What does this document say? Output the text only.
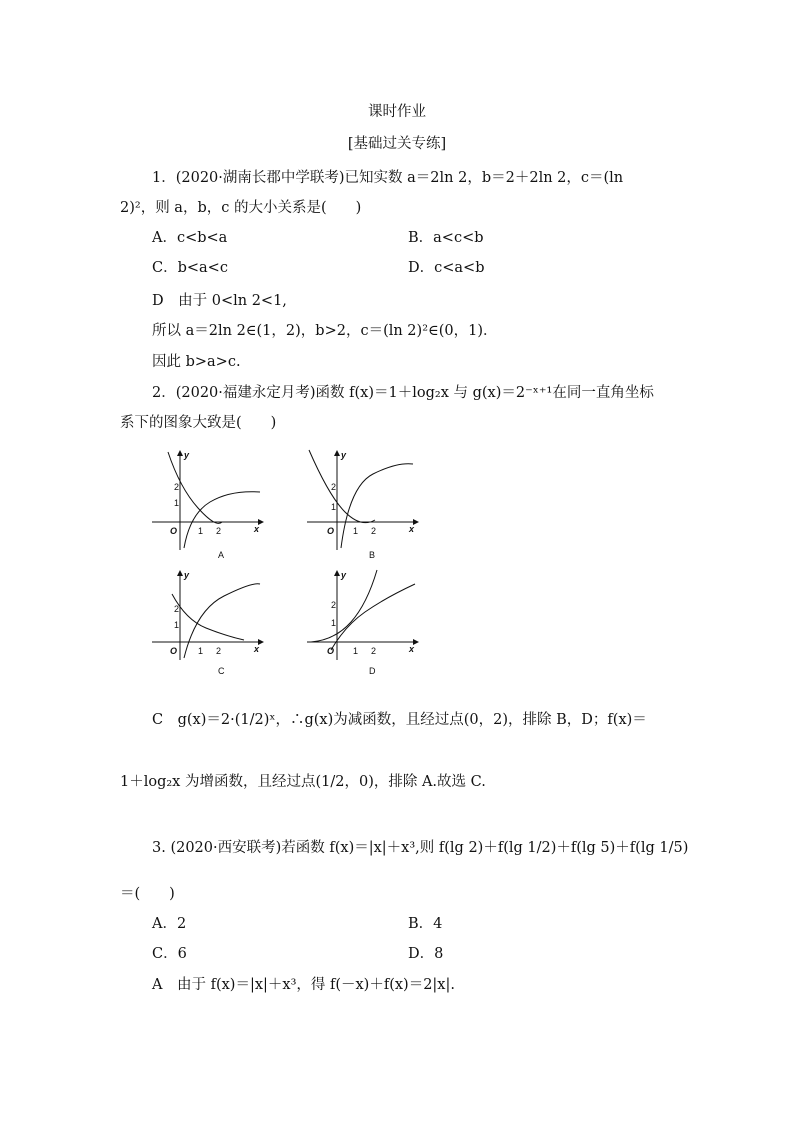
课时作业
[基础过关专练]
1．(2020·湖南长郡中学联考)已知实数 a＝2ln 2，b＝2＋2ln 2，c＝(ln
2)²，则 a，b，c 的大小关系是(　　)
A．c<b<a	B．a<c<b
C．b<a<c	D．c<a<b
D　由于 0<ln 2<1,
所以 a＝2ln 2∈(1，2)，b>2，c＝(ln 2)²∈(0，1)．
因此 b>a>c.
2．(2020·福建永定月考)函数 f(x)＝1＋log₂x 与 g(x)＝2⁻ˣ⁺¹在同一直角坐标
系下的图象大致是(　　)
y
x
O
2
1
1 2
A
y
x
O
2
1
1 2
B
y
x
O
2
1
1 2
C
y
x
O
2
1
1 2
D
C　g(x)＝2·(1/2)ˣ，∴g(x)为减函数，且经过点(0，2)，排除 B，D；f(x)＝
1＋log₂x 为增函数，且经过点(1/2，0)，排除 A.故选 C.
3. (2020·西安联考)若函数 f(x)＝|x|＋x³,则 f(lg 2)＋f(lg 1/2)＋f(lg 5)＋f(lg 1/5)
＝(　　)
A．2	B．4
C．6	D．8
A　由于 f(x)＝|x|＋x³，得 f(－x)＋f(x)＝2|x|.
